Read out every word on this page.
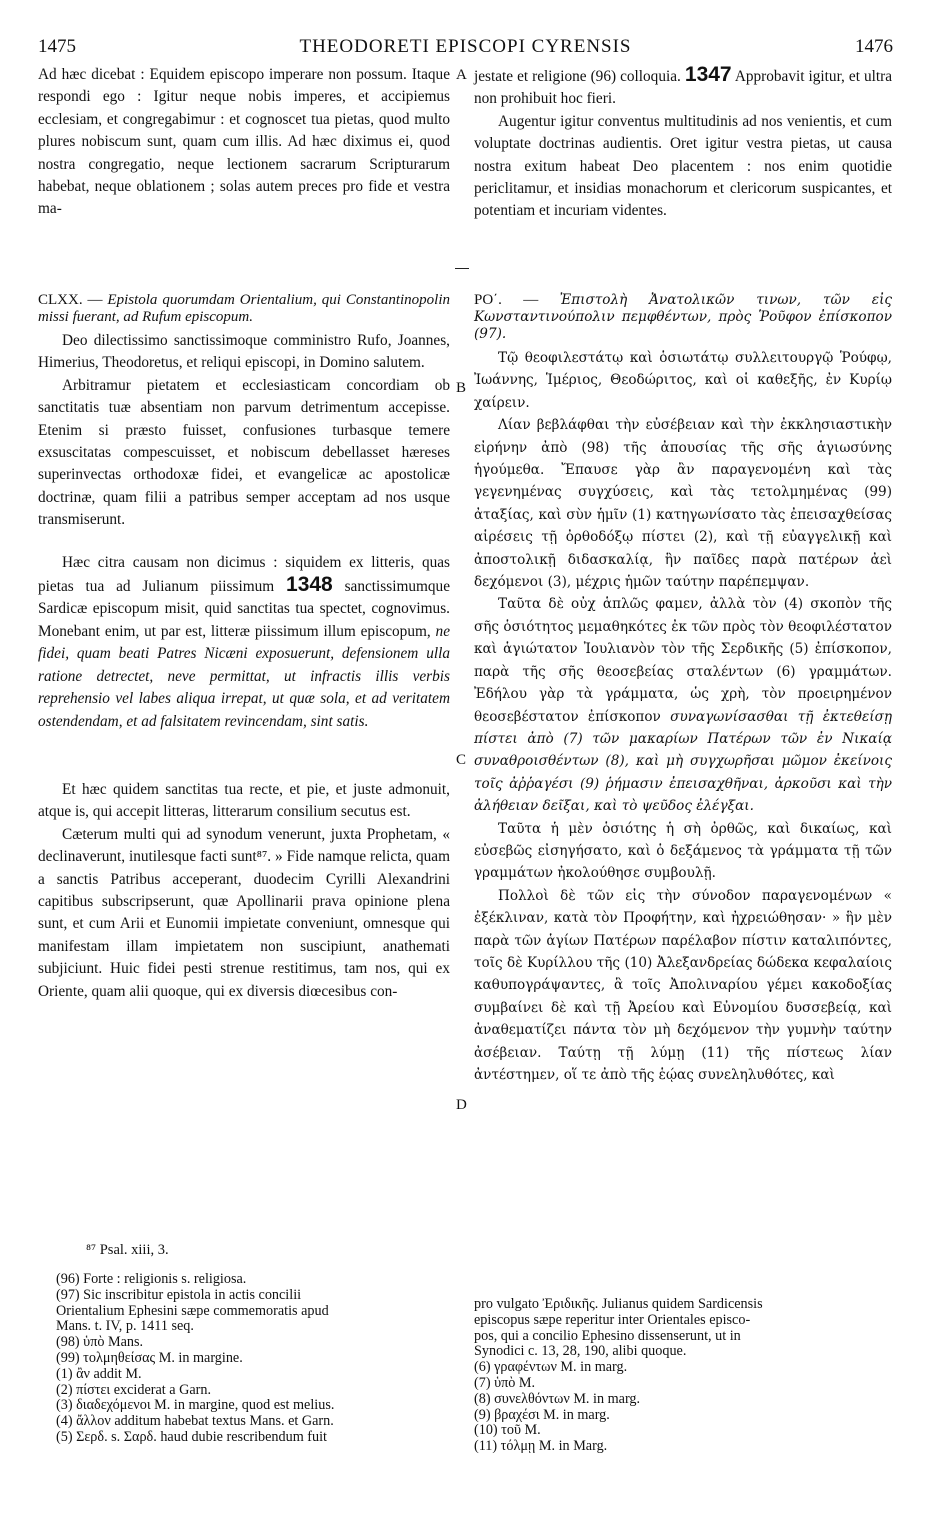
1475	THEODORETI EPISCOPI CYRENSIS	1476
A
B
C
D

Ad hæc dicebat : Equidem episcopo imperare non possum. Itaque respondi ego : Igitur neque nobis imperes, et accipiemus ecclesiam, et congregabimur : et cognoscet tua pietas, quod multo plures nobiscum sunt, quam cum illis. Ad hæc diximus ei, quod nostra congregatio, neque lectionem sacrarum Scripturarum habebat, neque oblationem ; solas autem preces pro fide et vestra ma-

jestate et religione (96) colloquia. 1347 Approbavit igitur, et ultra non prohibuit hoc fieri.

Augentur igitur conventus multitudinis ad nos venientis, et cum voluptate doctrinas audientis. Oret igitur vestra pietas, ut causa nostra exitum habeat Deo placentem : nos enim quotidie periclitamur, et insidias monachorum et clericorum suspicantes, et potentiam et incuriam videntes.

CLXX. — Epistola quorumdam Orientalium, qui Constantinopolin missi fuerant, ad Rufum episcopum.

Deo dilectissimo sanctissimoque comministro Rufo, Joannes, Himerius, Theodoretus, et reliqui episcopi, in Domino salutem.

Arbitramur pietatem et ecclesiasticam concordiam ob sanctitatis tuæ absentiam non parvum detrimentum accepisse. Etenim si præsto fuisset, confusiones turbasque temere exsuscitatas compescuisset, et nobiscum debellasset hæreses superinvectas orthodoxæ fidei, et evangelicæ ac apostolicæ doctrinæ, quam filii a patribus semper acceptam ad nos usque transmiserunt.

Hæc citra causam non dicimus : siquidem ex litteris, quas pietas tua ad Julianum piissimum 1348 sanctissimumque Sardicæ episcopum misit, quid sanctitas tua spectet, cognovimus. Monebant enim, ut par est, litteræ piissimum illum episcopum, ne fidei, quam beati Patres Nicæni exposuerunt, defensionem ulla ratione detrectet, neve permittat, ut infractis illis verbis reprehensio vel labes aliqua irrepat, ut quæ sola, et ad veritatem ostendendam, et ad falsitatem revincendam, sint satis.

Et hæc quidem sanctitas tua recte, et pie, et juste admonuit, atque is, qui accepit litteras, litterarum consilium secutus est.

Cæterum multi qui ad synodum venerunt, juxta Prophetam, « declinaverunt, inutilesque facti sunt⁸⁷. » Fide namque relicta, quam a sanctis Patribus acceperant, duodecim Cyrilli Alexandrini capitibus subscripserunt, quæ Apollinarii prava opinione plena sunt, et cum Arii et Eunomii impietate conveniunt, omnesque qui manifestam illam impietatem non suscipiunt, anathemati subjiciunt. Huic fidei pesti strenue restitimus, tam nos, qui ex Oriente, quam alii quoque, qui ex diversis diœcesibus con-

ΡΟ΄. — Ἐπιστολὴ Ἀνατολικῶν τινων, τῶν εἰς Κωνσταντινούπολιν πεμφθέντων, πρὸς Ῥοῦφον ἐπίσκοπον (97).

Τῷ θεοφιλεστάτῳ καὶ ὁσιωτάτῳ συλλειτουργῷ Ῥούφῳ, Ἰωάννης, Ἱμέριος, Θεοδώριτος, καὶ οἱ καθεξῆς, ἐν Κυρίῳ χαίρειν.

Λίαν βεβλάφθαι τὴν εὐσέβειαν καὶ τὴν ἐκκλησιαστικὴν εἰρήνην ἀπὸ (98) τῆς ἀπουσίας τῆς σῆς ἁγιωσύνης ἡγούμεθα. Ἔπαυσε γὰρ ἂν παραγενομένη καὶ τὰς γεγενημένας συγχύσεις, καὶ τὰς τετολμημένας (99) ἀταξίας, καὶ σὺν ἡμῖν (1) κατηγωνίσατο τὰς ἐπεισαχθείσας αἱρέσεις τῇ ὀρθοδόξῳ πίστει (2), καὶ τῇ εὐαγγελικῇ καὶ ἀποστολικῇ διδασκαλίᾳ, ἣν παῖδες παρὰ πατέρων ἀεὶ δεχόμενοι (3), μέχρις ἡμῶν ταύτην παρέπεμψαν.

Ταῦτα δὲ οὐχ ἁπλῶς φαμεν, ἀλλὰ τὸν (4) σκοπὸν τῆς σῆς ὁσιότητος μεμαθηκότες ἐκ τῶν πρὸς τὸν θεοφιλέστατον καὶ ἁγιώτατον Ἰουλιανὸν τὸν τῆς Σερδικῆς (5) ἐπίσκοπον, παρὰ τῆς σῆς θεοσεβείας σταλέντων (6) γραμμάτων. Ἐδήλου γὰρ τὰ γράμματα, ὡς χρὴ, τὸν προειρημένον θεοσεβέστατον ἐπίσκοπον συναγωνίσασθαι τῇ ἐκτεθείσῃ πίστει ἀπὸ (7) τῶν μακαρίων Πατέρων τῶν ἐν Νικαίᾳ συναθροισθέντων (8), καὶ μὴ συγχωρῆσαι μῶμον ἐκείνοις τοῖς ἀῤῥαγέσι (9) ῥήμασιν ἐπεισαχθῆναι, ἀρκοῦσι καὶ τὴν ἀλήθειαν δεῖξαι, καὶ τὸ ψεῦδος ἐλέγξαι.

Ταῦτα ἡ μὲν ὁσιότης ἡ σὴ ὀρθῶς, καὶ δικαίως, καὶ εὐσεβῶς εἰσηγήσατο, καὶ ὁ δεξάμενος τὰ γράμματα τῇ τῶν γραμμάτων ἠκολούθησε συμβουλῇ.

Πολλοὶ δὲ τῶν εἰς τὴν σύνοδον παραγενομένων « ἐξέκλιναν, κατὰ τὸν Προφήτην, καὶ ἠχρειώθησαν· » ἣν μὲν παρὰ τῶν ἁγίων Πατέρων παρέλαβον πίστιν καταλιπόντες, τοῖς δὲ Κυρίλλου τῆς (10) Ἀλεξανδρείας δώδεκα κεφαλαίοις καθυπογράψαντες, ἃ τοῖς Ἀπολιναρίου γέμει κακοδοξίας συμβαίνει δὲ καὶ τῇ Ἀρείου καὶ Εὐνομίου δυσσεβείᾳ, καὶ ἀναθεματίζει πάντα τὸν μὴ δεχόμενον τὴν γυμνὴν ταύτην ἀσέβειαν. Ταύτῃ τῇ λύμῃ (11) τῆς πίστεως λίαν ἀντέστημεν, οἵ τε ἀπὸ τῆς ἑῴας συνεληλυθότες, καὶ

⁸⁷ Psal. xiii, 3.
(96) Forte : religionis s. religiosa.
(97) Sic inscribitur epistola in actis concilii
Orientalium Ephesini sæpe commemoratis apud
Mans. t. IV, p. 1411 seq.
(98) ὑπὸ Mans.
(99) τολμηθείσας M. in margine.
(1) ἂν addit M.
(2) πίστει exciderat a Garn.
(3) διαδεχόμενοι M. in margine, quod est melius.
(4) ἄλλον additum habebat textus Mans. et Garn.
(5) Σερδ. s. Σαρδ. haud dubie rescribendum fuit
pro vulgato Ἐριδικῆς. Julianus quidem Sardicensis
episcopus sæpe reperitur inter Orientales episco-
pos, qui a concilio Ephesino dissenserunt, ut in
Synodici c. 13, 28, 190, alibi quoque.
(6) γραφέντων M. in marg.
(7) ὑπὸ M.
(8) συνελθόντων M. in marg.
(9) βραχέσι M. in marg.
(10) τοῦ M.
(11) τόλμῃ M. in Marg.
